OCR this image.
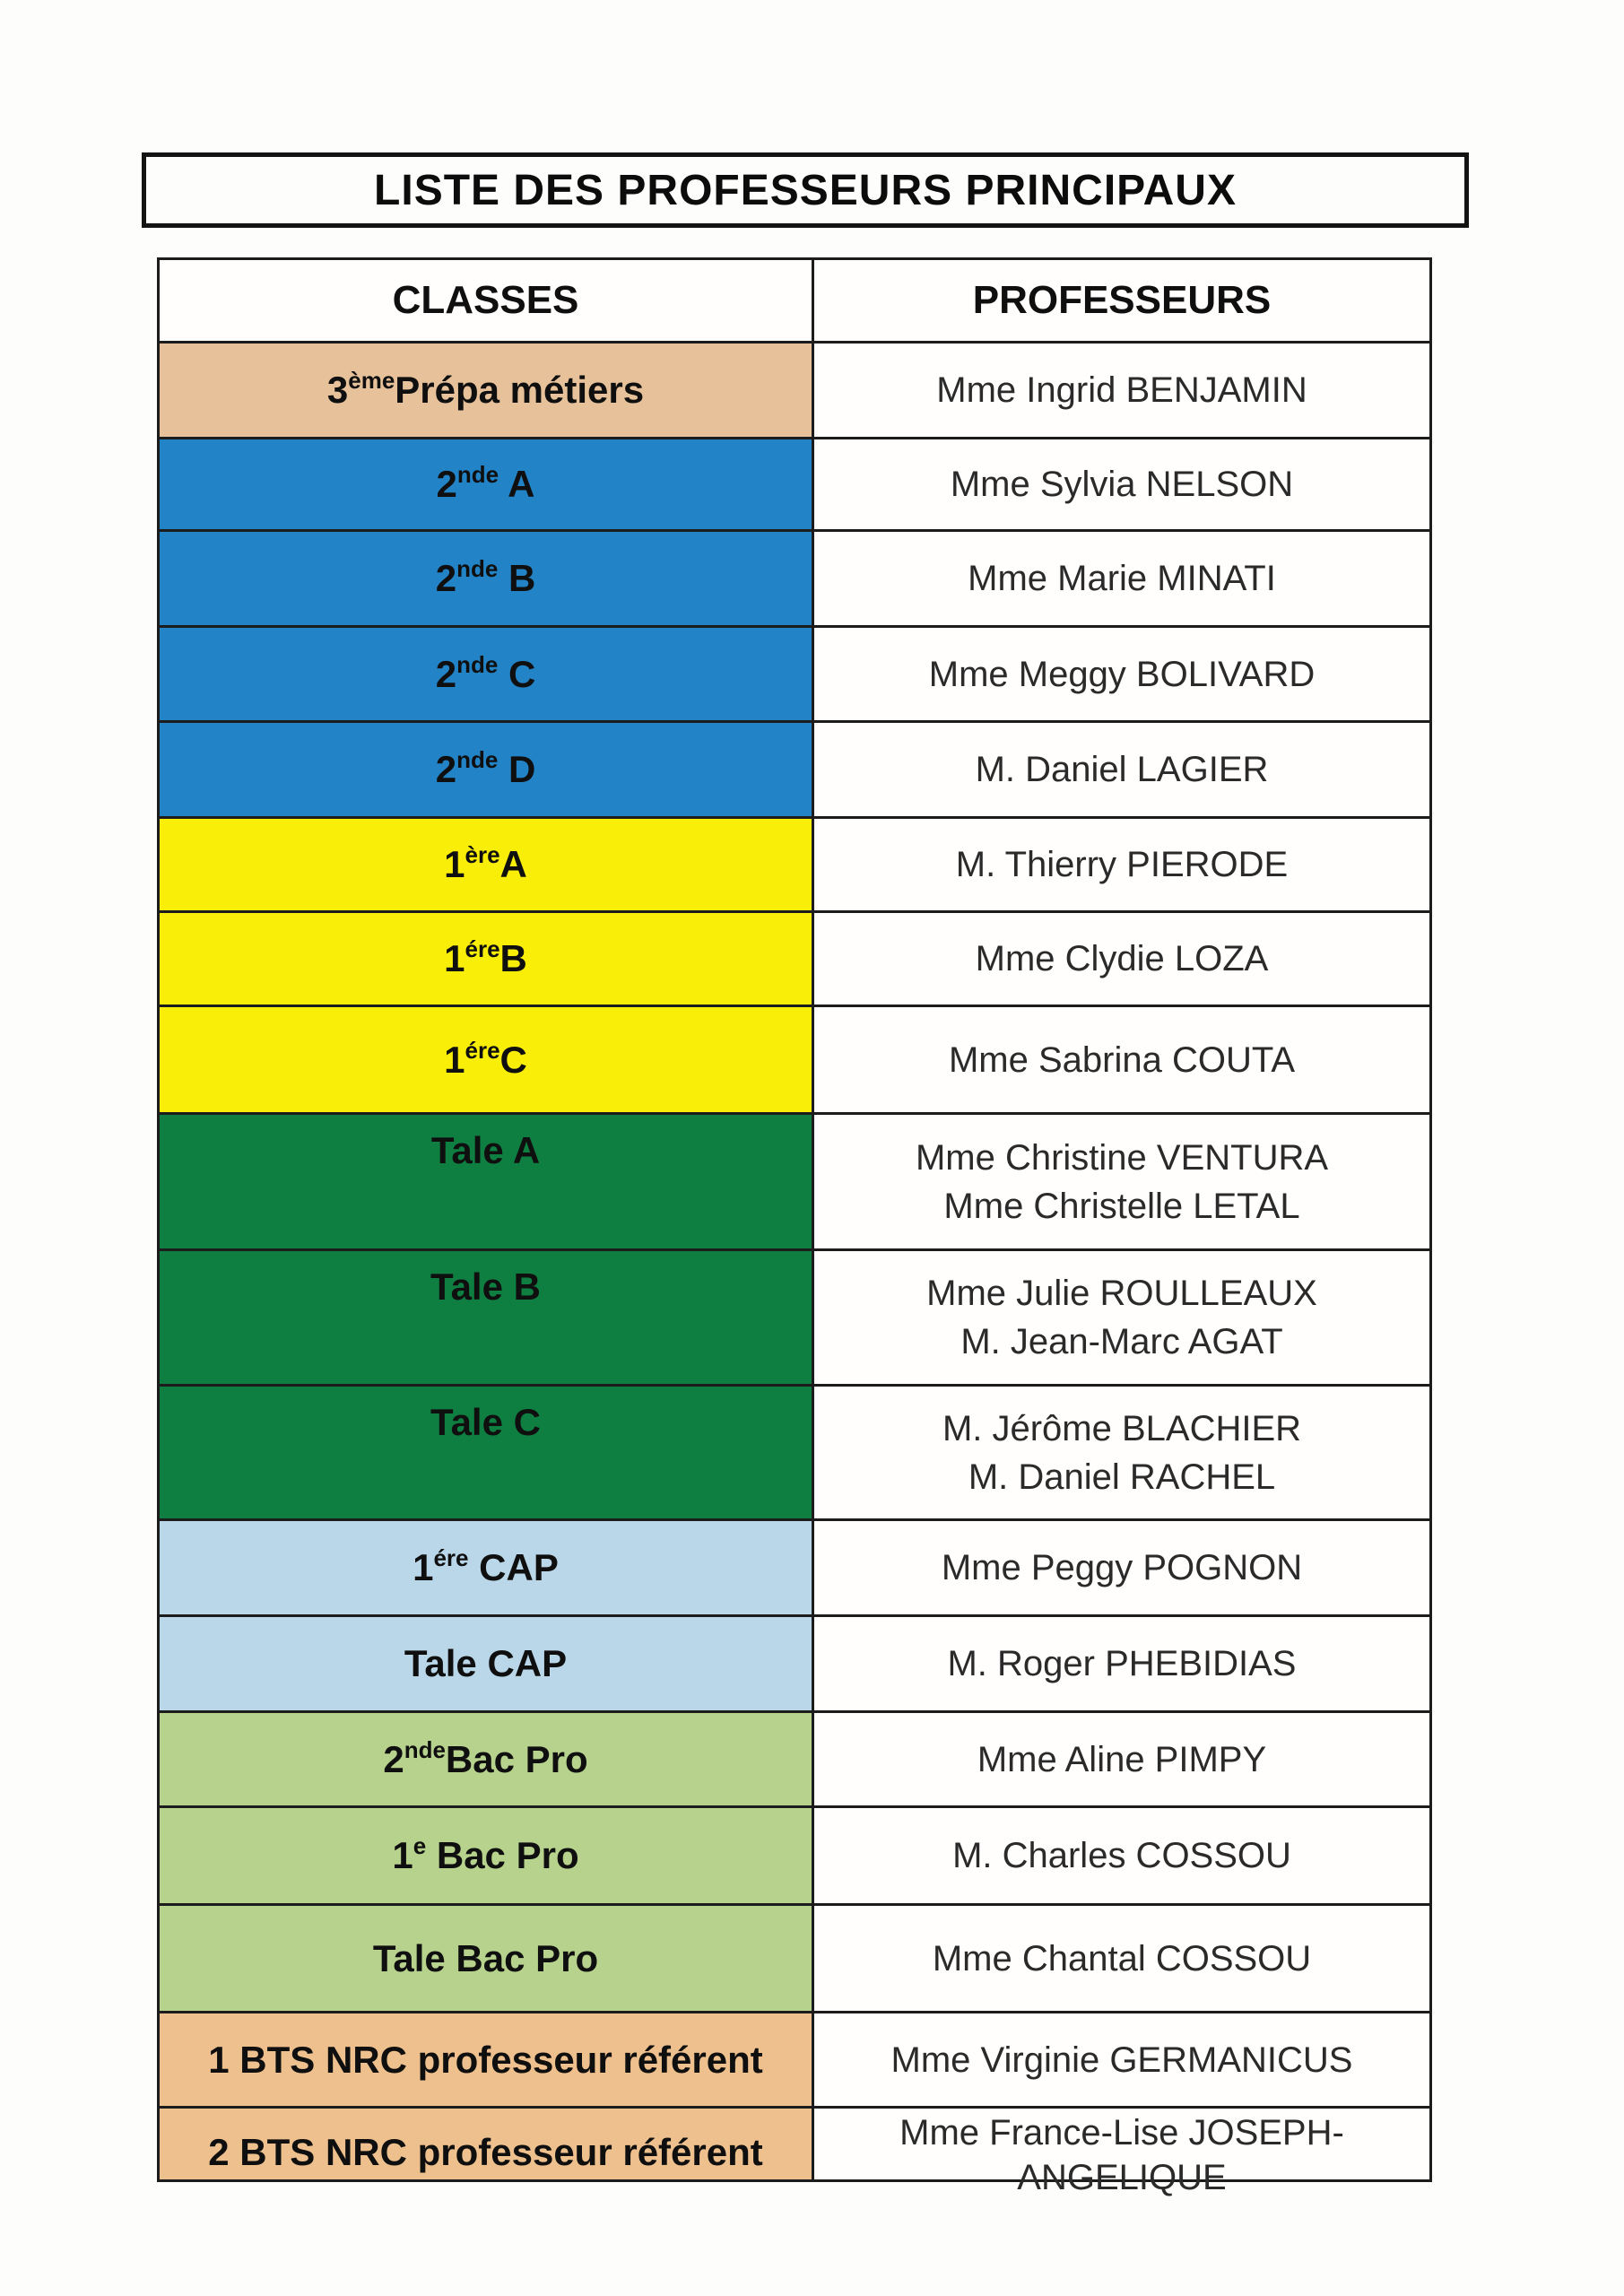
LISTE DES PROFESSEURS PRINCIPAUX
CLASSES	PROFESSEURS
3èmePrépa métiers	Mme Ingrid BENJAMIN
2nde A	Mme Sylvia NELSON
2nde B	Mme Marie MINATI
2nde C	Mme Meggy BOLIVARD
2nde D	M. Daniel LAGIER
1èreA	M. Thierry PIERODE
$1^{ére}B$	Mme Clydie LOZA
$1^{ére}C$	Mme Sabrina COUTA
Tale A	Mme Christine VENTURA
Mme Christelle LETAL
Tale B	Mme Julie ROULLEAUX
M. Jean-Marc AGAT
Tale C	M. Jérôme BLACHIER
M. Daniel RACHEL
$1^{ére}$ CAP	Mme Peggy POGNON
Tale CAP	M. Roger PHEBIDIAS
2ndeBac Pro	Mme Aline PIMPY
1e Bac Pro	M. Charles COSSOU
Tale Bac Pro	Mme Chantal COSSOU
1 BTS NRC professeur référent	Mme Virginie GERMANICUS
2 BTS NRC professeur référent	Mme France-Lise JOSEPH-ANGELIQUE
